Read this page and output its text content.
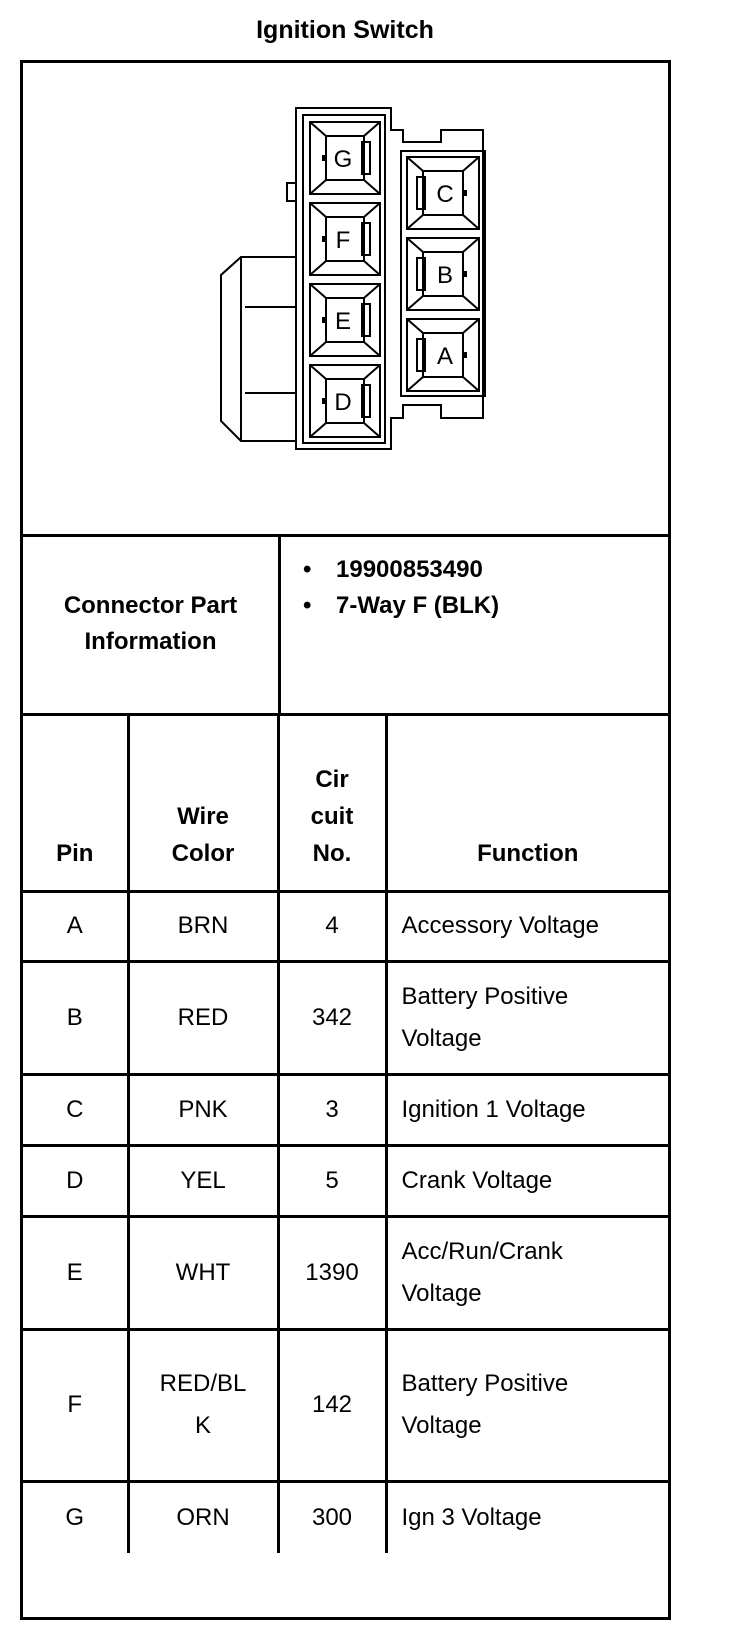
Ignition Switch
G
F
E
D
C
B
A
Connector Part Information
• 19900853490
• 7-Way F (BLK)
Pin	Wire Color	Cir cuit No.	Function

A	BRN	4	Accessory Voltage

B	RED	342	Battery Positive Voltage

C	PNK	3	Ignition 1 Voltage

D	YEL	5	Crank Voltage

E	WHT	1390	Acc/Run/Crank Voltage

F	RED/BLK	142	Battery Positive Voltage

G	ORN	300	Ign 3 Voltage
